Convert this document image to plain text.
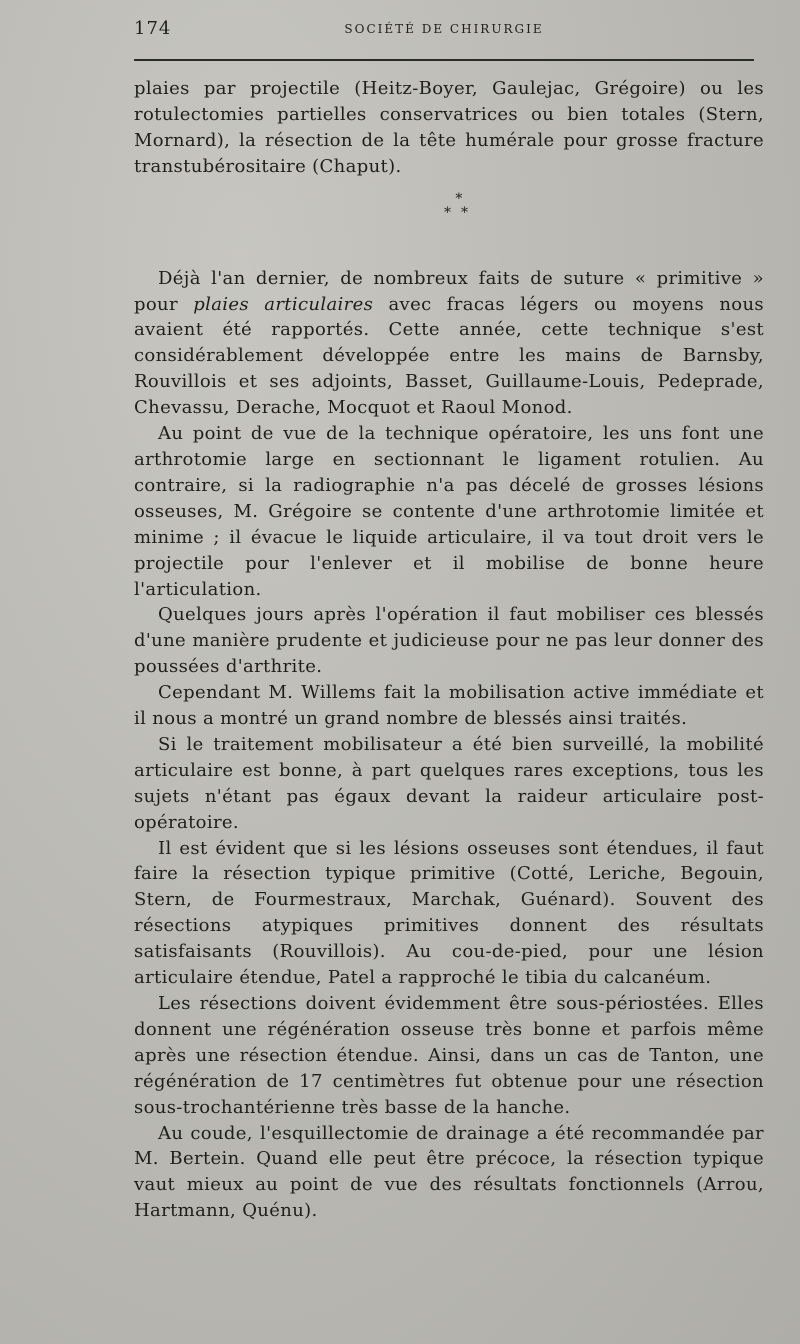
174	SOCIÉTÉ DE CHIRURGIE

plaies par projectile (Heitz-Boyer, Gaulejac, Grégoire) ou les rotulectomies partielles conservatrices ou bien totales (Stern, Mornard), la résection de la tête humérale pour grosse fracture transtubérositaire (Chaput).

*
**

Déjà l'an dernier, de nombreux faits de suture « primitive » pour plaies articulaires avec fracas légers ou moyens nous avaient été rapportés. Cette année, cette technique s'est considérablement développée entre les mains de Barnsby, Rouvillois et ses adjoints, Basset, Guillaume-Louis, Pedeprade, Chevassu, Derache, Mocquot et Raoul Monod.

Au point de vue de la technique opératoire, les uns font une arthrotomie large en sectionnant le ligament rotulien. Au contraire, si la radiographie n'a pas décelé de grosses lésions osseuses, M. Grégoire se contente d'une arthrotomie limitée et minime ; il évacue le liquide articulaire, il va tout droit vers le projectile pour l'enlever et il mobilise de bonne heure l'articulation.

Quelques jours après l'opération il faut mobiliser ces blessés d'une manière prudente et judicieuse pour ne pas leur donner des poussées d'arthrite.

Cependant M. Willems fait la mobilisation active immédiate et il nous a montré un grand nombre de blessés ainsi traités.

Si le traitement mobilisateur a été bien surveillé, la mobilité articulaire est bonne, à part quelques rares exceptions, tous les sujets n'étant pas égaux devant la raideur articulaire post-opératoire.

Il est évident que si les lésions osseuses sont étendues, il faut faire la résection typique primitive (Cotté, Leriche, Begouin, Stern, de Fourmestraux, Marchak, Guénard). Souvent des résections atypiques primitives donnent des résultats satisfaisants (Rouvillois). Au cou-de-pied, pour une lésion articulaire étendue, Patel a rapproché le tibia du calcanéum.

Les résections doivent évidemment être sous-périostées. Elles donnent une régénération osseuse très bonne et parfois même après une résection étendue. Ainsi, dans un cas de Tanton, une régénération de 17 centimètres fut obtenue pour une résection sous-trochantérienne très basse de la hanche.

Au coude, l'esquillectomie de drainage a été recommandée par M. Bertein. Quand elle peut être précoce, la résection typique vaut mieux au point de vue des résultats fonctionnels (Arrou, Hartmann, Quénu).
